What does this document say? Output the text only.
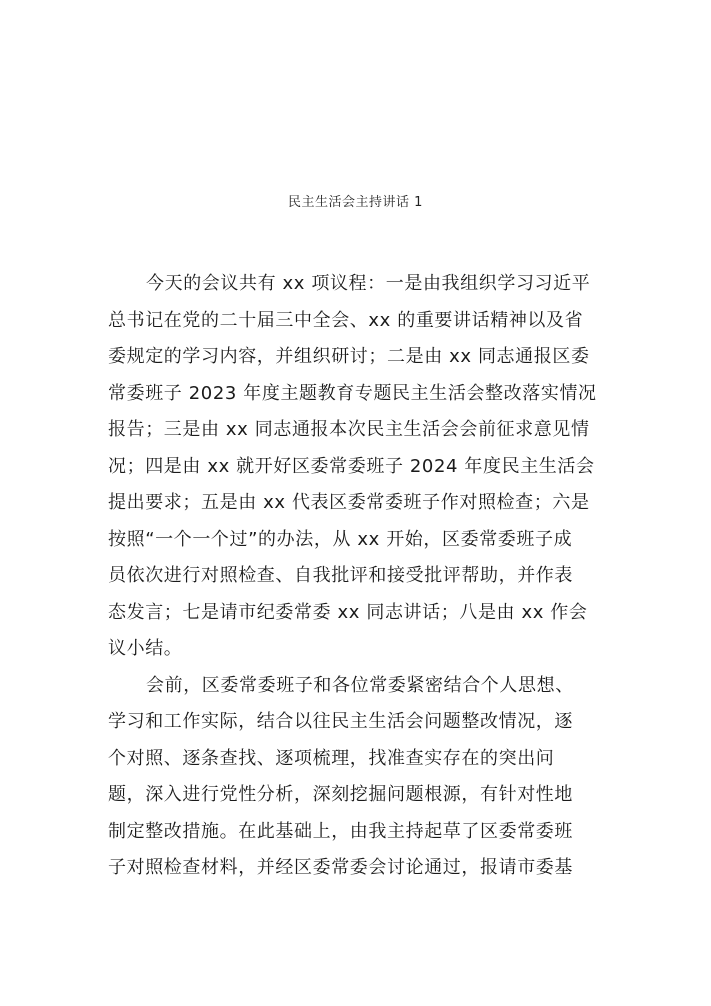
民主生活会主持讲话 1
今天的会议共有 xx 项议程：一是由我组织学习习近平
总书记在党的二十届三中全会、xx 的重要讲话精神以及省
委规定的学习内容，并组织研讨；二是由 xx 同志通报区委
常委班子 2023 年度主题教育专题民主生活会整改落实情况
报告；三是由 xx 同志通报本次民主生活会会前征求意见情
况；四是由 xx 就开好区委常委班子 2024 年度民主生活会
提出要求；五是由 xx 代表区委常委班子作对照检查；六是
按照“一个一个过”的办法，从 xx 开始，区委常委班子成
员依次进行对照检查、自我批评和接受批评帮助，并作表
态发言；七是请市纪委常委 xx 同志讲话；八是由 xx 作会
议小结。
会前，区委常委班子和各位常委紧密结合个人思想、
学习和工作实际，结合以往民主生活会问题整改情况，逐
个对照、逐条查找、逐项梳理，找准查实存在的突出问
题，深入进行党性分析，深刻挖掘问题根源，有针对性地
制定整改措施。在此基础上，由我主持起草了区委常委班
子对照检查材料，并经区委常委会讨论通过，报请市委基
